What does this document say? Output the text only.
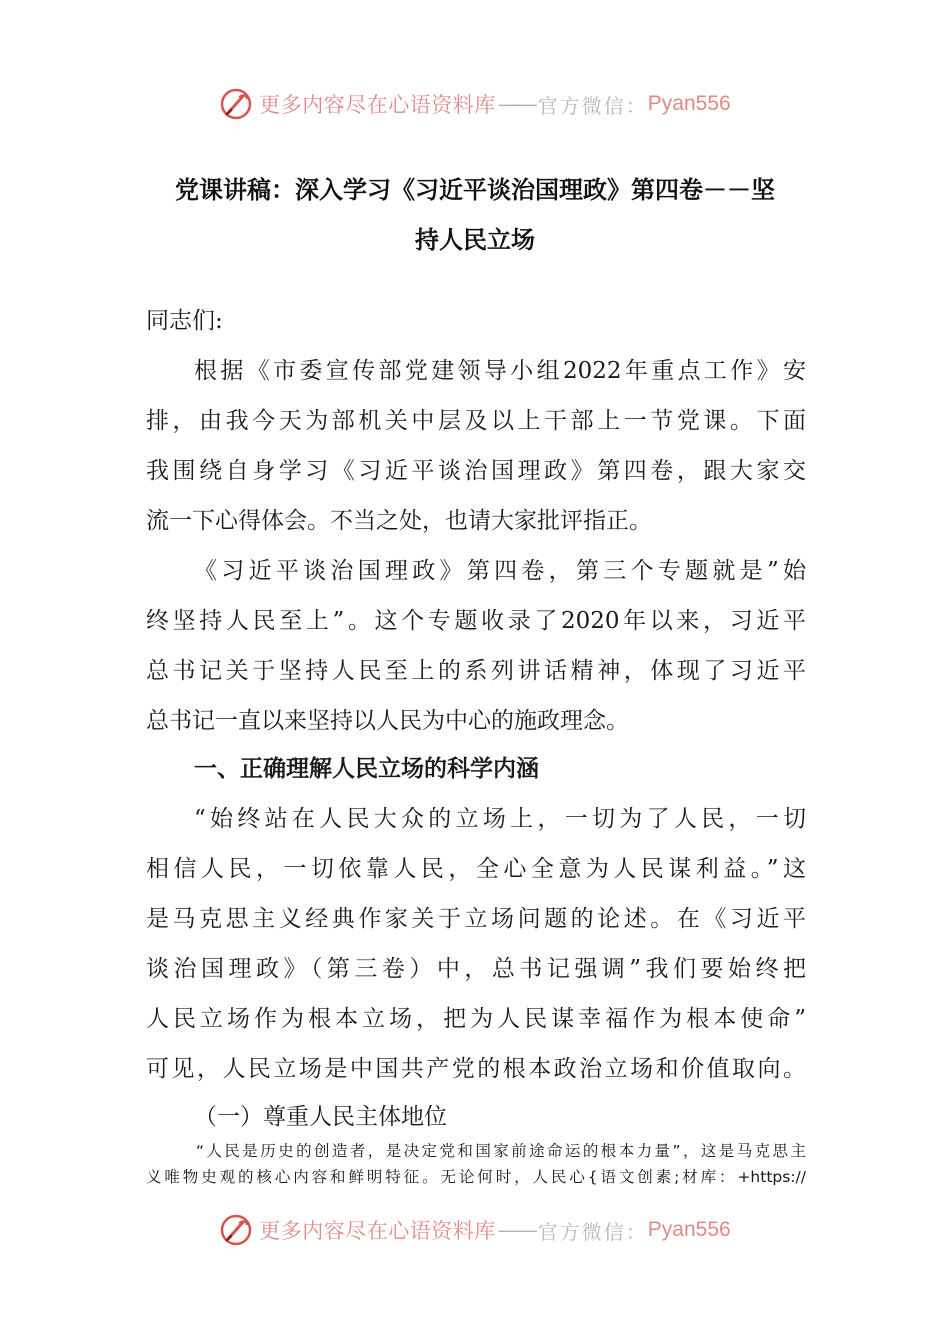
更多内容尽在心语资料库 —— 官方微信： Pyan556
党课讲稿：深入学习《习近平谈治国理政》第四卷－－坚
持人民立场
同志们:
根据《市委宣传部党建领导小组2022年重点工作》安
排，由我今天为部机关中层及以上干部上一节党课。下面
我围绕自身学习《习近平谈治国理政》第四卷，跟大家交
流一下心得体会。不当之处，也请大家批评指正。
《习近平谈治国理政》第四卷，第三个专题就是”始
终坚持人民至上”。这个专题收录了2020年以来，习近平
总书记关于坚持人民至上的系列讲话精神，体现了习近平
总书记一直以来坚持以人民为中心的施政理念。
一、正确理解人民立场的科学内涵
“始终站在人民大众的立场上，一切为了人民，一切
相信人民，一切依靠人民，全心全意为人民谋利益。”这
是马克思主义经典作家关于立场问题的论述。在《习近平
谈治国理政》（第三卷）中，总书记强调”我们要始终把
人民立场作为根本立场，把为人民谋幸福作为根本使命”
可见，人民立场是中国共产党的根本政治立场和价值取向。
（一）尊重人民主体地位
“人民是历史的创造者，是决定党和国家前途命运的根本力量”，这是马克思主
义唯物史观的核心内容和鲜明特征。无论何时，人民心{语文创素;材库：+https://
更多内容尽在心语资料库 —— 官方微信： Pyan556
